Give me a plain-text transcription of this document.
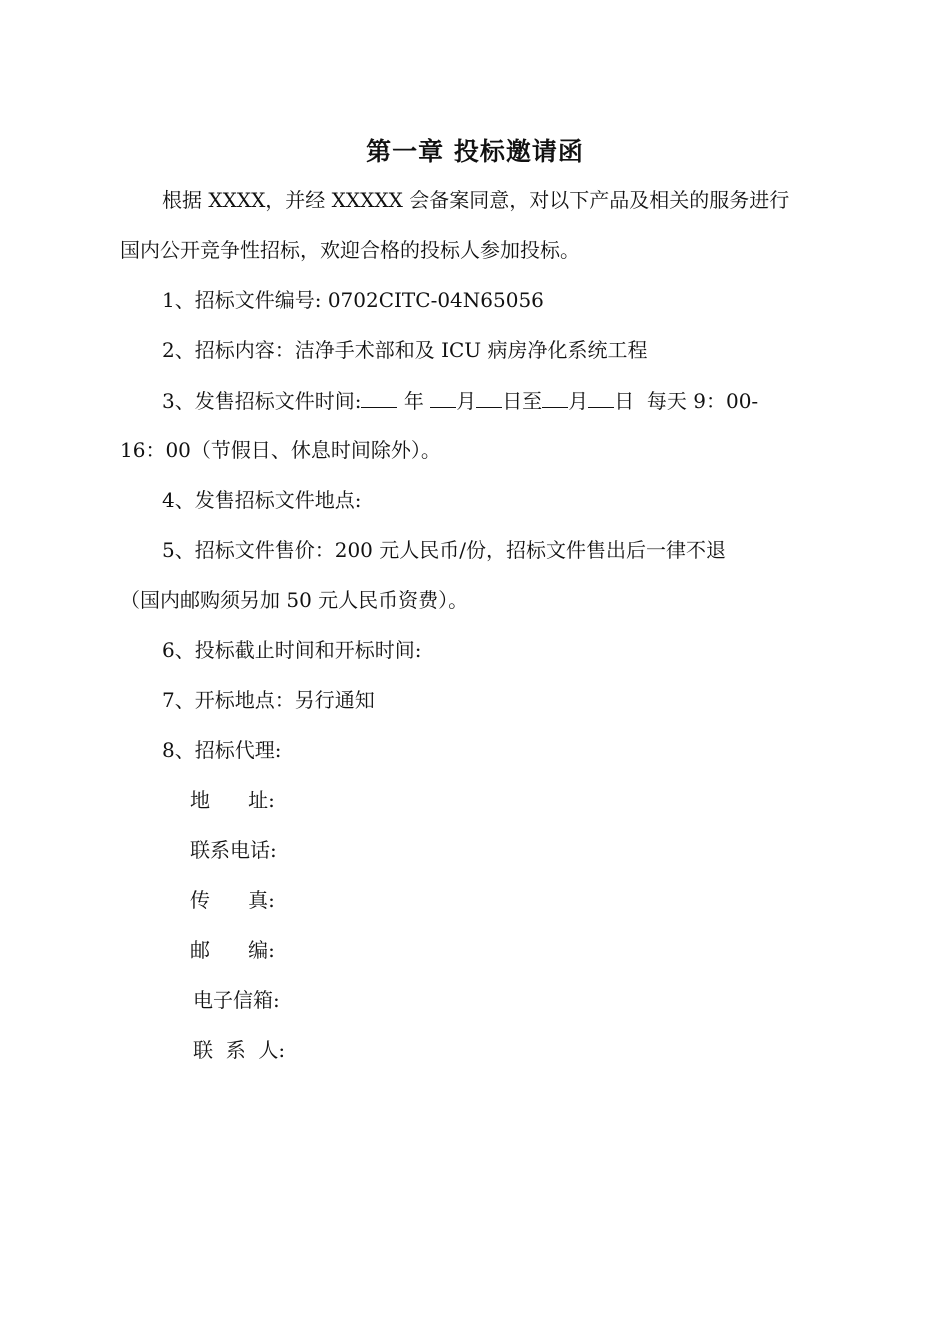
第一章 投标邀请函
根据 XXXX，并经 XXXXX 会备案同意，对以下产品及相关的服务进行
国内公开竞争性招标，欢迎合格的投标人参加投标。
1、招标文件编号: 0702CITC-04N65056
2、招标内容：洁净手术部和及 ICU 病房净化系统工程
3、发售招标文件时间: 年 月 日至 月 日 每天 9：00-
16：00（节假日、休息时间除外）。
4、发售招标文件地点:
5、招标文件售价：200 元人民币/份，招标文件售出后一律不退
（国内邮购须另加 50 元人民币资费）。
6、投标截止时间和开标时间:
7、开标地点：另行通知
8、招标代理:
地      址:
联系电话:
传      真:
邮      编:
电子信箱:
联  系  人:
